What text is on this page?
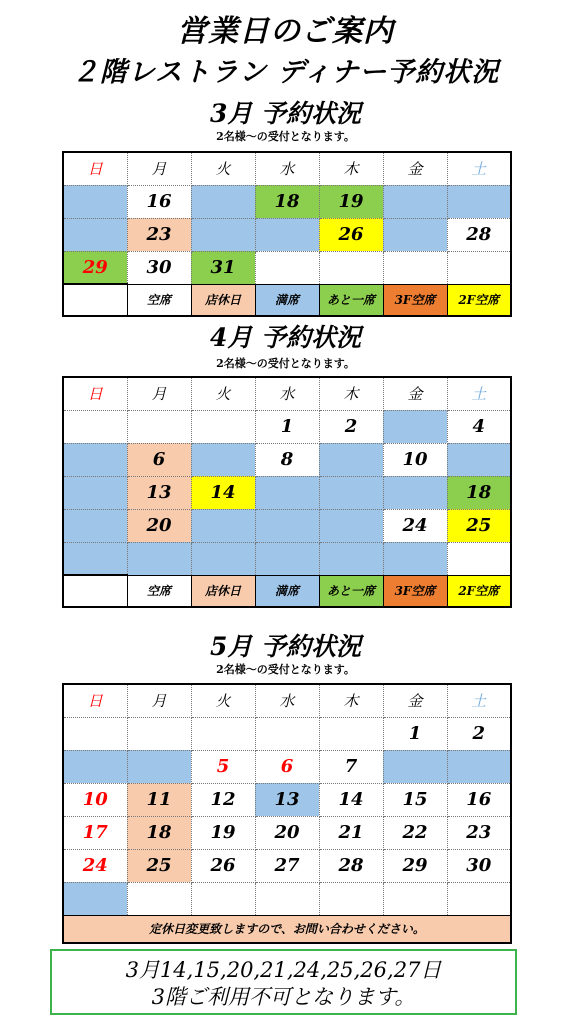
営業日のご案内
２階レストラン ディナー予約状況
3月 予約状況
2名様〜の受付となります。
日	月	火	水	木	金	土
	16		18	19		
	23			26		28
29	30	31				
	空席	店休日	満席	あと一席	3F空席	2F空席
4月 予約状況
2名様〜の受付となります。
日	月	火	水	木	金	土
			1	2		4
	6		8		10	
	13	14				18
	20				24	25

	空席	店休日	満席	あと一席	3F空席	2F空席
5月 予約状況
2名様〜の受付となります。
日	月	火	水	木	金	土
					1	2
		5	6	7		
10	11	12	13	14	15	16
17	18	19	20	21	22	23
24	25	26	27	28	29	30

定休日変更致しますので、お問い合わせください。						
3月14,15,20,21,24,25,26,27日
3階ご利用不可となります。
